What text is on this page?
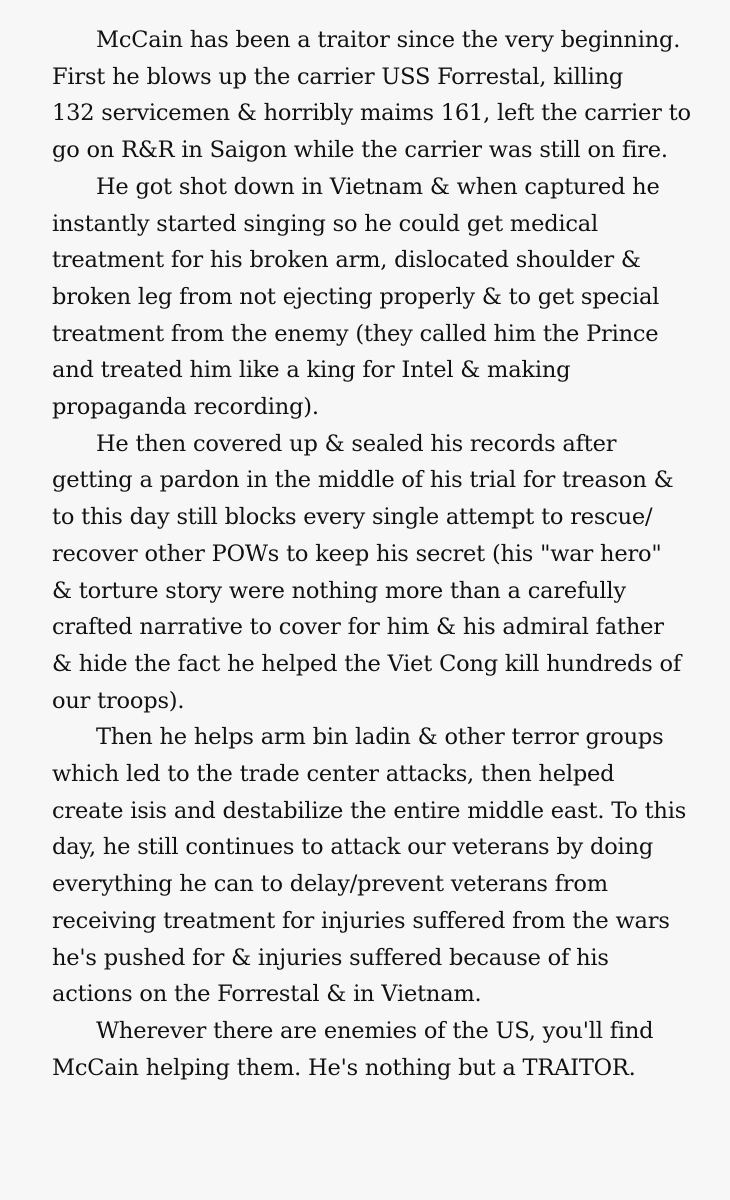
McCain has been a traitor since the very beginning.
First he blows up the carrier USS Forrestal, killing
132 servicemen & horribly maims 161, left the carrier to
go on R&R in Saigon while the carrier was still on fire.
He got shot down in Vietnam & when captured he
instantly started singing so he could get medical
treatment for his broken arm, dislocated shoulder &
broken leg from not ejecting properly & to get special
treatment from the enemy (they called him the Prince
and treated him like a king for Intel & making
propaganda recording).
He then covered up & sealed his records after
getting a pardon in the middle of his trial for treason &
to this day still blocks every single attempt to rescue/
recover other POWs to keep his secret (his "war hero"
& torture story were nothing more than a carefully
crafted narrative to cover for him & his admiral father
& hide the fact he helped the Viet Cong kill hundreds of
our troops).
Then he helps arm bin ladin & other terror groups
which led to the trade center attacks, then helped
create isis and destabilize the entire middle east. To this
day, he still continues to attack our veterans by doing
everything he can to delay/prevent veterans from
receiving treatment for injuries suffered from the wars
he's pushed for & injuries suffered because of his
actions on the Forrestal & in Vietnam.
Wherever there are enemies of the US, you'll find
McCain helping them. He's nothing but a TRAITOR.
